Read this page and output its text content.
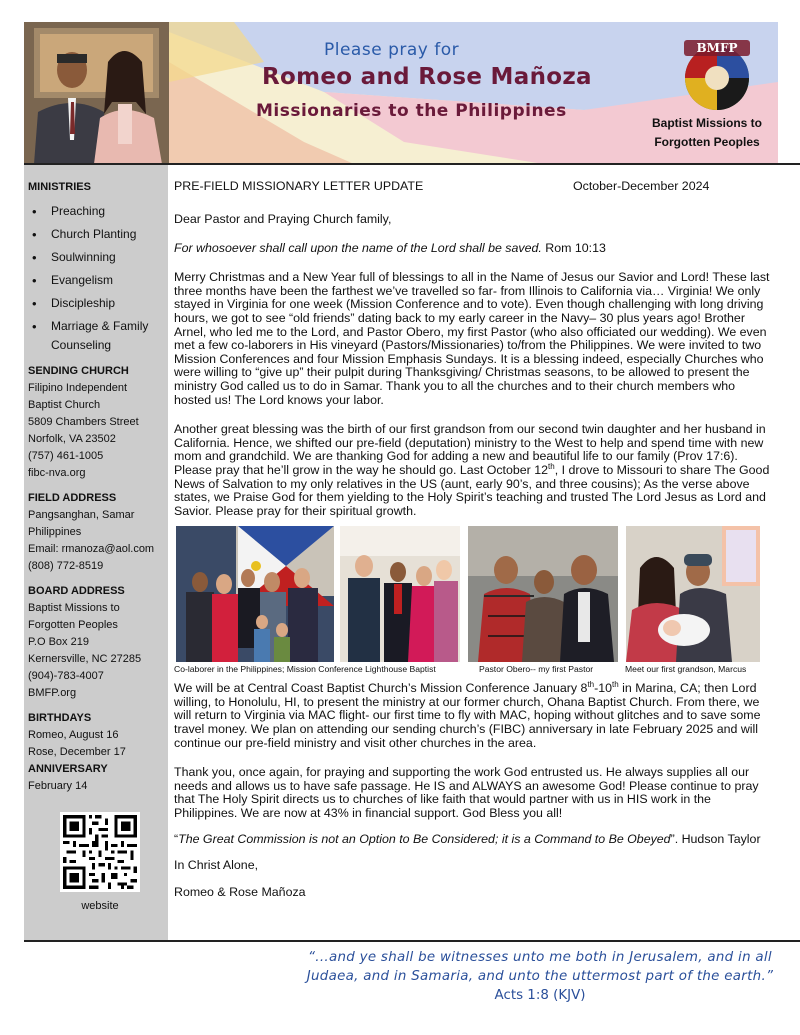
Please pray for
Romeo and Rose Mañoza
Missionaries to the Philippines
BMFP
Baptist Missions to
Forgotten Peoples
MINISTRIES
• Preaching
• Church Planting
• Soulwinning
• Evangelism
• Discipleship
• Marriage & Family
Counseling
SENDING CHURCH
Filipino Independent
Baptist Church
5809 Chambers Street
Norfolk, VA 23502
(757) 461-1005
fibc-nva.org
FIELD ADDRESS
Pangsanghan, Samar
Philippines
Email: rmanoza@aol.com
(808) 772-8519
BOARD ADDRESS
Baptist Missions to
Forgotten Peoples
P.O Box 219
Kernersville, NC 27285
(904)-783-4007
BMFP.org
BIRTHDAYS
Romeo, August 16
Rose, December 17
ANNIVERSARY
February 14
website
PRE-FIELD MISSIONARY LETTER UPDATE	October-December 2024

Dear Pastor and Praying Church family,

For whosoever shall call upon the name of the Lord shall be saved. Rom 10:13

Merry Christmas and a New Year full of blessings to all in the Name of Jesus our Savior and Lord! These last three months have been the farthest we’ve travelled so far- from Illinois to California via… Virginia! We only stayed in Virginia for one week (Mission Conference and to vote). Even though challenging with long driving hours, we got to see “old friends” dating back to my early career in the Navy– 30 plus years ago! Brother Arnel, who led me to the Lord, and Pastor Obero, my first Pastor (who also officiated our wedding). We even met a few co-laborers in His vineyard (Pastors/Missionaries) to/from the Philippines. We were invited to two Mission Conferences and four Mission Emphasis Sundays. It is a blessing indeed, especially Churches who were willing to “give up” their pulpit during Thanksgiving/ Christmas seasons, to be allowed to present the ministry God called us to do in Samar. Thank you to all the churches and to their church members who hosted us! The Lord knows your labor.

Another great blessing was the birth of our first grandson from our second twin daughter and her husband in California. Hence, we shifted our pre-field (deputation) ministry to the West to help and spend time with new mom and grandchild. We are thanking God for adding a new and beautiful life to our family (Prov 17:6). Please pray that he’ll grow in the way he should go. Last October 12th, I drove to Missouri to share The Good News of Salvation to my only relatives in the US (aunt, early 90’s, and three cousins); As the verse above states, we Praise God for them yielding to the Holy Spirit’s teaching and trusted The Lord Jesus as Lord and Savior. Please pray for their spiritual growth.

Co-laborer in the Philippines; Mission Conference Lighthouse Baptist	Pastor Obero-- my first Pastor	Meet our first grandson, Marcus

We will be at Central Coast Baptist Church’s Mission Conference January 8th-10th in Marina, CA; then Lord willing, to Honolulu, HI, to present the ministry at our former church, Ohana Baptist Church. From there, we will return to Virginia via MAC flight- our first time to fly with MAC, hoping without glitches and to save some travel money. We plan on attending our sending church’s (FIBC) anniversary in late February 2025 and will continue our pre-field ministry and visit other churches in the area.

Thank you, once again, for praying and supporting the work God entrusted us. He always supplies all our needs and allows us to have safe passage. He IS and ALWAYS an awesome God! Please continue to pray that The Holy Spirit directs us to churches of like faith that would partner with us in HIS work in the Philippines. We are now at 43% in financial support. God Bless you all!

“The Great Commission is not an Option to Be Considered; it is a Command to Be Obeyed”. Hudson Taylor

In Christ Alone,

Romeo & Rose Mañoza

“...and ye shall be witnesses unto me both in Jerusalem, and in all
Judaea, and in Samaria, and unto the uttermost part of the earth.”
Acts 1:8 (KJV)
